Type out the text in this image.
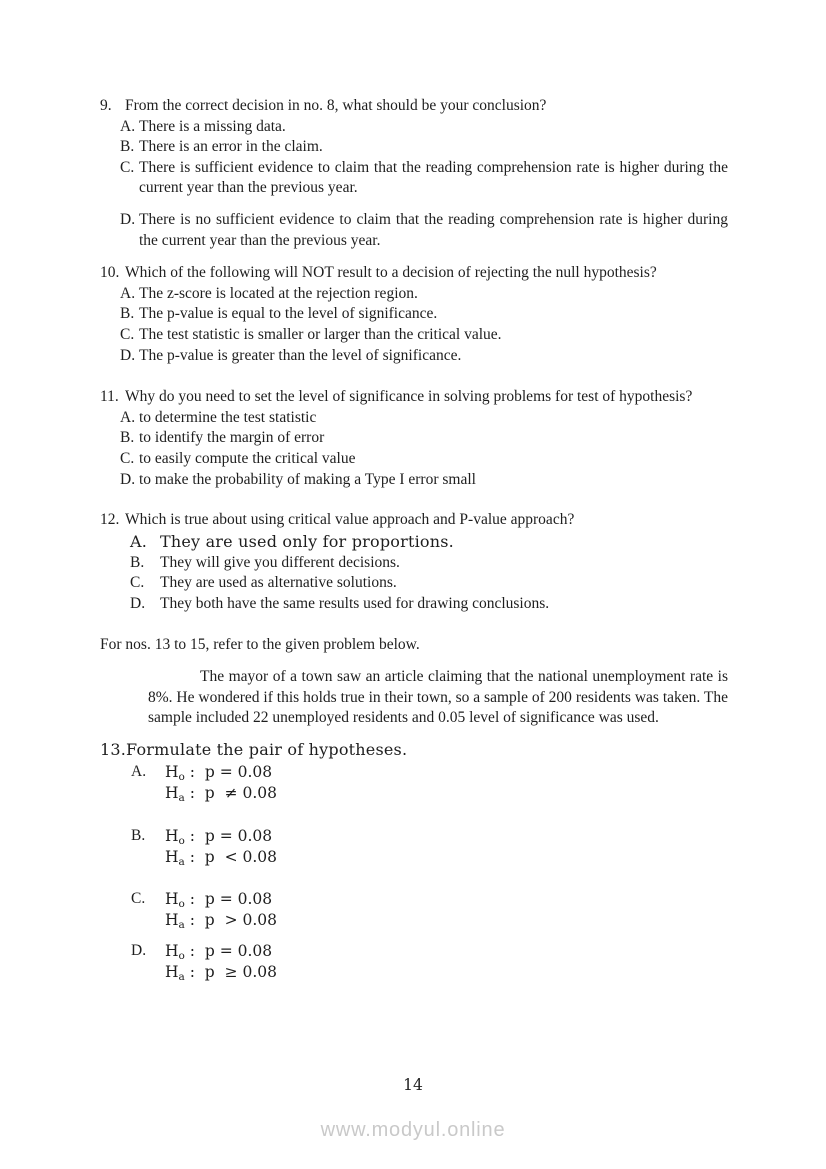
9. From the correct decision in no. 8, what should be your conclusion?
A. There is a missing data.
B. There is an error in the claim.
C. There is sufficient evidence to claim that the reading comprehension rate is higher during the current year than the previous year.
D. There is no sufficient evidence to claim that the reading comprehension rate is higher during the current year than the previous year.
10. Which of the following will NOT result to a decision of rejecting the null hypothesis?
A. The z-score is located at the rejection region.
B. The p-value is equal to the level of significance.
C. The test statistic is smaller or larger than the critical value.
D. The p-value is greater than the level of significance.
11. Why do you need to set the level of significance in solving problems for test of hypothesis?
A. to determine the test statistic
B. to identify the margin of error
C. to easily compute the critical value
D. to make the probability of making a Type I error small
12. Which is true about using critical value approach and P-value approach?
A. They are used only for proportions.
B.	They will give you different decisions.
C.	They are used as alternative solutions.
D. They both have the same results used for drawing conclusions.

For nos. 13 to 15, refer to the given problem below.

The mayor of a town saw an article claiming that the national unemployment rate is 8%. He wondered if this holds true in their town, so a sample of 200 residents was taken. The sample included 22 unemployed residents and 0.05 level of significance was used.

13. Formulate the pair of hypotheses.
A.	$H_o$ :  p = 0.08
$H_a$ :  p  ≠ 0.08
B.	$H_o$ :  p = 0.08
$H_a$ :  p  < 0.08
C.	$H_o$ :  p = 0.08
$H_a$ :  p  > 0.08
D.	$H_o$ :  p = 0.08
$H_a$ :  p  ≥ 0.08
14
www.modyul.online
